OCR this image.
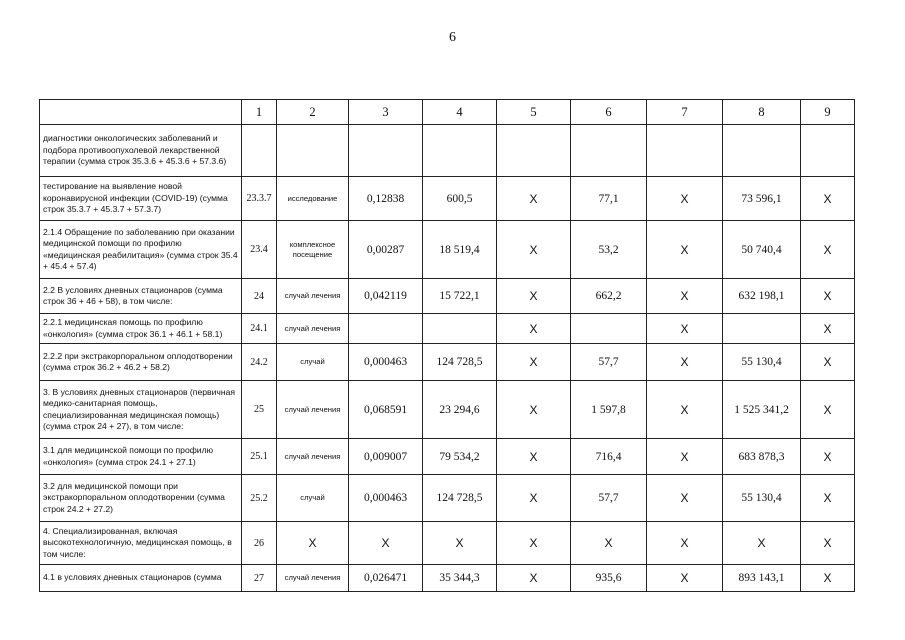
6
	1	2	3	4	5	6	7	8	9
диагностики онкологических заболеваний и подбора противоопухолевой лекарственной терапии (сумма строк 35.3.6 + 45.3.6 + 57.3.6)									
тестирование на выявление новой коронавирусной инфекции (COVID-19) (сумма строк 35.3.7 + 45.3.7 + 57.3.7)	23.3.7	исследование	0,12838	600,5	X	77,1	X	73 596,1	X
2.1.4 Обращение по заболеванию при оказании медицинской помощи по профилю «медицинская реабилитация» (сумма строк 35.4 + 45.4 + 57.4)	23.4	комплексное посещение	0,00287	18 519,4	X	53,2	X	50 740,4	X
2.2 В условиях дневных стационаров (сумма строк 36 + 46 + 58), в том числе:	24	случай лечения	0,042119	15 722,1	X	662,2	X	632 198,1	X
2.2.1 медицинская помощь по профилю «онкология» (сумма строк 36.1 + 46.1 + 58.1)	24.1	случай лечения			X		X		X
2.2.2 при экстракорпоральном оплодотворении (сумма строк 36.2 + 46.2 + 58.2)	24.2	случай	0,000463	124 728,5	X	57,7	X	55 130,4	X
3. В условиях дневных стационаров (первичная медико-санитарная помощь, специализированная медицинская помощь) (сумма строк 24 + 27), в том числе:	25	случай лечения	0,068591	23 294,6	X	1 597,8	X	1 525 341,2	X
3.1 для медицинской помощи по профилю «онкология» (сумма строк 24.1 + 27.1)	25.1	случай лечения	0,009007	79 534,2	X	716,4	X	683 878,3	X
3.2 для медицинской помощи при экстракорпоральном оплодотворении (сумма строк 24.2 + 27.2)	25.2	случай	0,000463	124 728,5	X	57,7	X	55 130,4	X
4. Специализированная, включая высокотехнологичную, медицинская помощь, в том числе:	26	X	X	X	X	X	X	X	X
4.1 в условиях дневных стационаров (сумма	27	случай лечения	0,026471	35 344,3	X	935,6	X	893 143,1	X
